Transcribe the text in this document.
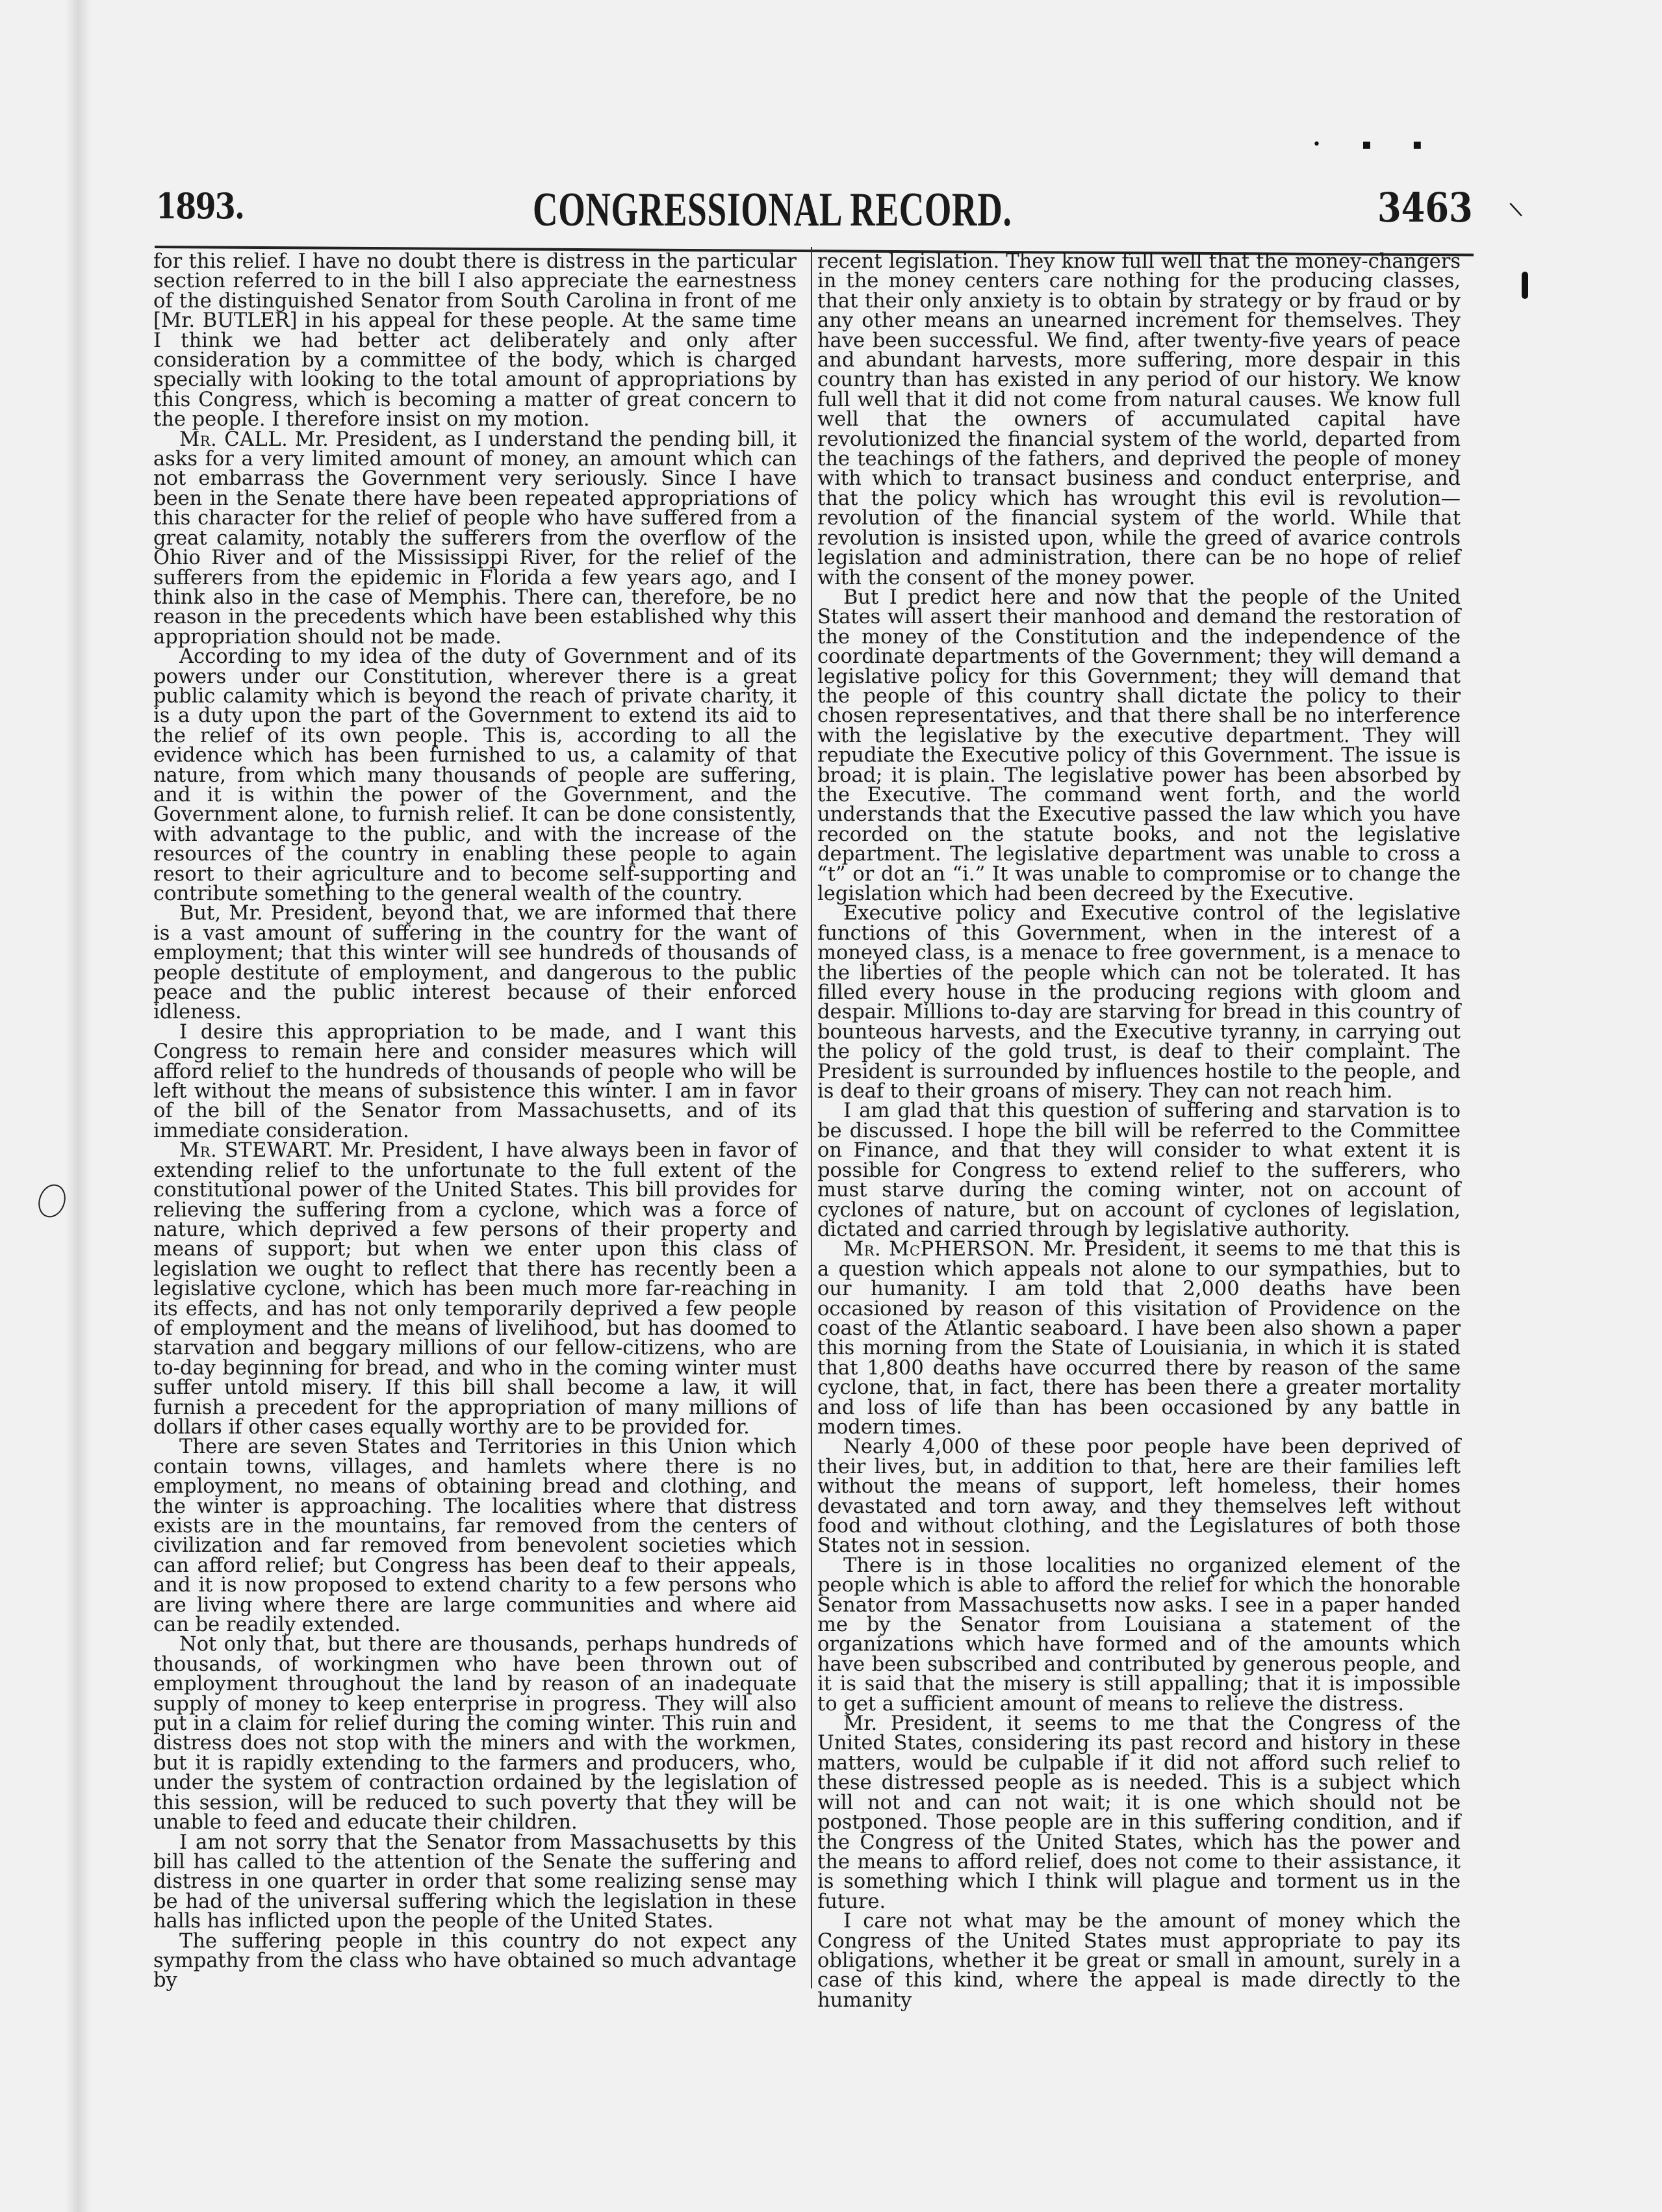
1893.	CONGRESSIONAL RECORD.	3463
• ▪ ▪
\

for this relief. I have no doubt there is distress in the particular section referred to in the bill I also appreciate the earnestness of the distinguished Senator from South Carolina in front of me [Mr. BUTLER] in his appeal for these people. At the same time I think we had better act deliberately and only after consideration by a committee of the body, which is charged specially with looking to the total amount of appropriations by this Congress, which is becoming a matter of great concern to the people. I therefore insist on my motion.

Mr. CALL. Mr. President, as I understand the pending bill, it asks for a very limited amount of money, an amount which can not embarrass the Government very seriously. Since I have been in the Senate there have been repeated appropriations of this character for the relief of people who have suffered from a great calamity, notably the sufferers from the overflow of the Ohio River and of the Mississippi River, for the relief of the sufferers from the epidemic in Florida a few years ago, and I think also in the case of Memphis. There can, therefore, be no reason in the precedents which have been established why this appropriation should not be made.

According to my idea of the duty of Government and of its powers under our Constitution, wherever there is a great public calamity which is beyond the reach of private charity, it is a duty upon the part of the Government to extend its aid to the relief of its own people. This is, according to all the evidence which has been furnished to us, a calamity of that nature, from which many thousands of people are suffering, and it is within the power of the Government, and the Government alone, to furnish relief. It can be done consistently, with advantage to the public, and with the increase of the resources of the country in enabling these people to again resort to their agriculture and to become self-supporting and contribute something to the general wealth of the country.

But, Mr. President, beyond that, we are informed that there is a vast amount of suffering in the country for the want of employment; that this winter will see hundreds of thousands of people destitute of employment, and dangerous to the public peace and the public interest because of their enforced idleness.

I desire this appropriation to be made, and I want this Congress to remain here and consider measures which will afford relief to the hundreds of thousands of people who will be left without the means of subsistence this winter. I am in favor of the bill of the Senator from Massachusetts, and of its immediate consideration.

Mr. STEWART. Mr. President, I have always been in favor of extending relief to the unfortunate to the full extent of the constitutional power of the United States. This bill provides for relieving the suffering from a cyclone, which was a force of nature, which deprived a few persons of their property and means of support; but when we enter upon this class of legislation we ought to reflect that there has recently been a legislative cyclone, which has been much more far-reaching in its effects, and has not only temporarily deprived a few people of employment and the means of livelihood, but has doomed to starvation and beggary millions of our fellow-citizens, who are to-day beginning for bread, and who in the coming winter must suffer untold misery. If this bill shall become a law, it will furnish a precedent for the appropriation of many millions of dollars if other cases equally worthy are to be provided for.

There are seven States and Territories in this Union which contain towns, villages, and hamlets where there is no employment, no means of obtaining bread and clothing, and the winter is approaching. The localities where that distress exists are in the mountains, far removed from the centers of civilization and far removed from benevolent societies which can afford relief; but Congress has been deaf to their appeals, and it is now proposed to extend charity to a few persons who are living where there are large communities and where aid can be readily extended.

Not only that, but there are thousands, perhaps hundreds of thousands, of workingmen who have been thrown out of employment throughout the land by reason of an inadequate supply of money to keep enterprise in progress. They will also put in a claim for relief during the coming winter. This ruin and distress does not stop with the miners and with the workmen, but it is rapidly extending to the farmers and producers, who, under the system of contraction ordained by the legislation of this session, will be reduced to such poverty that they will be unable to feed and educate their children.

I am not sorry that the Senator from Massachusetts by this bill has called to the attention of the Senate the suffering and distress in one quarter in order that some realizing sense may be had of the universal suffering which the legislation in these halls has inflicted upon the people of the United States.

The suffering people in this country do not expect any sympathy from the class who have obtained so much advantage by

recent legislation. They know full well that the money-changers in the money centers care nothing for the producing classes, that their only anxiety is to obtain by strategy or by fraud or by any other means an unearned increment for themselves. They have been successful. We find, after twenty-five years of peace and abundant harvests, more suffering, more despair in this country than has existed in any period of our history. We know full well that it did not come from natural causes. We know full well that the owners of accumulated capital have revolutionized the financial system of the world, departed from the teachings of the fathers, and deprived the people of money with which to transact business and conduct enterprise, and that the policy which has wrought this evil is revolution—revolution of the financial system of the world. While that revolution is insisted upon, while the greed of avarice controls legislation and administration, there can be no hope of relief with the consent of the money power.

But I predict here and now that the people of the United States will assert their manhood and demand the restoration of the money of the Constitution and the independence of the coordinate departments of the Government; they will demand a legislative policy for this Government; they will demand that the people of this country shall dictate the policy to their chosen representatives, and that there shall be no interference with the legislative by the executive department. They will repudiate the Executive policy of this Government. The issue is broad; it is plain. The legislative power has been absorbed by the Executive. The command went forth, and the world understands that the Executive passed the law which you have recorded on the statute books, and not the legislative department. The legislative department was unable to cross a “t” or dot an “i.” It was unable to compromise or to change the legislation which had been decreed by the Executive.

Executive policy and Executive control of the legislative functions of this Government, when in the interest of a moneyed class, is a menace to free government, is a menace to the liberties of the people which can not be tolerated. It has filled every house in the producing regions with gloom and despair. Millions to-day are starving for bread in this country of bounteous harvests, and the Executive tyranny, in carrying out the policy of the gold trust, is deaf to their complaint. The President is surrounded by influences hostile to the people, and is deaf to their groans of misery. They can not reach him.

I am glad that this question of suffering and starvation is to be discussed. I hope the bill will be referred to the Committee on Finance, and that they will consider to what extent it is possible for Congress to extend relief to the sufferers, who must starve during the coming winter, not on account of cyclones of nature, but on account of cyclones of legislation, dictated and carried through by legislative authority.

Mr. McPHERSON. Mr. President, it seems to me that this is a question which appeals not alone to our sympathies, but to our humanity. I am told that 2,000 deaths have been occasioned by reason of this visitation of Providence on the coast of the Atlantic seaboard. I have been also shown a paper this morning from the State of Louisiania, in which it is stated that 1,800 deaths have occurred there by reason of the same cyclone, that, in fact, there has been there a greater mortality and loss of life than has been occasioned by any battle in modern times.

Nearly 4,000 of these poor people have been deprived of their lives, but, in addition to that, here are their families left without the means of support, left homeless, their homes devastated and torn away, and they themselves left without food and without clothing, and the Legislatures of both those States not in session.

There is in those localities no organized element of the people which is able to afford the relief for which the honorable Senator from Massachusetts now asks. I see in a paper handed me by the Senator from Louisiana a statement of the organizations which have formed and of the amounts which have been subscribed and contributed by generous people, and it is said that the misery is still appalling; that it is impossible to get a sufficient amount of means to relieve the distress.

Mr. President, it seems to me that the Congress of the United States, considering its past record and history in these matters, would be culpable if it did not afford such relief to these distressed people as is needed. This is a subject which will not and can not wait; it is one which should not be postponed. Those people are in this suffering condition, and if the Congress of the United States, which has the power and the means to afford relief, does not come to their assistance, it is something which I think will plague and torment us in the future.

I care not what may be the amount of money which the Congress of the United States must appropriate to pay its obligations, whether it be great or small in amount, surely in a case of this kind, where the appeal is made directly to the humanity
